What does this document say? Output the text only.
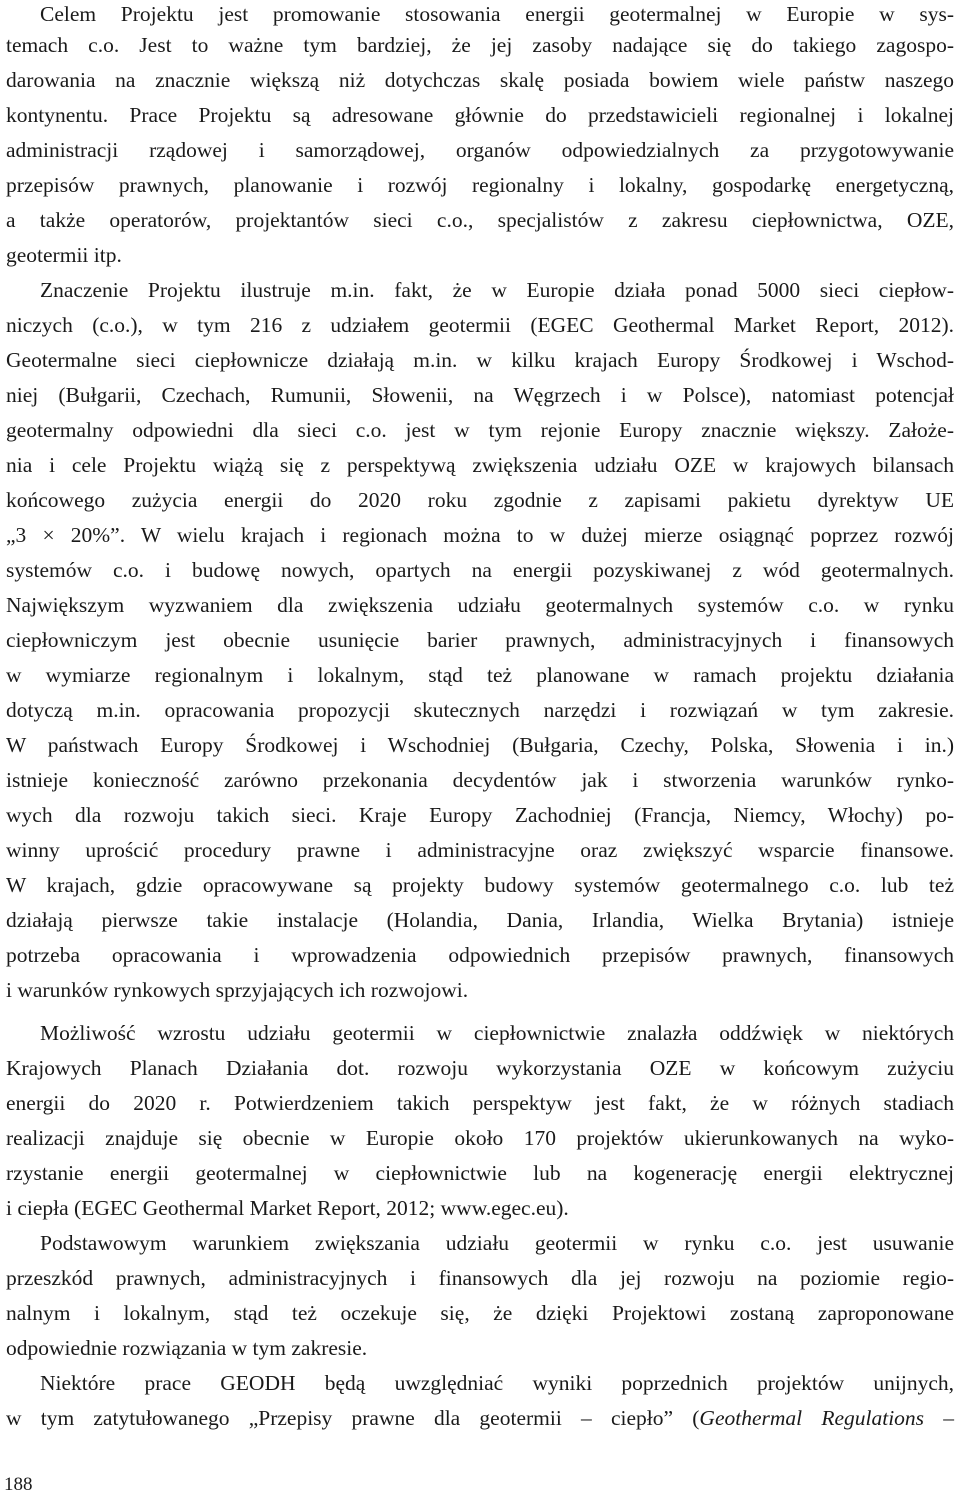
Celem Projektu jest promowanie stosowania energii geotermalnej w Europie w sys-
temach c.o. Jest to ważne tym bardziej, że jej zasoby nadające się do takiego zagospo-
darowania na znacznie większą niż dotychczas skalę posiada bowiem wiele państw naszego
kontynentu. Prace Projektu są adresowane głównie do przedstawicieli regionalnej i lokalnej
administracji rządowej i samorządowej, organów odpowiedzialnych za przygotowywanie
przepisów prawnych, planowanie i rozwój regionalny i lokalny, gospodarkę energetyczną,
a także operatorów, projektantów sieci c.o., specjalistów z zakresu ciepłownictwa, OZE,
geotermii itp.
Znaczenie Projektu ilustruje m.in. fakt, że w Europie działa ponad 5000 sieci ciepłow-
niczych (c.o.), w tym 216 z udziałem geotermii (EGEC Geothermal Market Report, 2012).
Geotermalne sieci ciepłownicze działają m.in. w kilku krajach Europy Środkowej i Wschod-
niej (Bułgarii, Czechach, Rumunii, Słowenii, na Węgrzech i w Polsce), natomiast potencjał
geotermalny odpowiedni dla sieci c.o. jest w tym rejonie Europy znacznie większy. Założe-
nia i cele Projektu wiążą się z perspektywą zwiększenia udziału OZE w krajowych bilansach
końcowego zużycia energii do 2020 roku zgodnie z zapisami pakietu dyrektyw UE
„3 × 20%”. W wielu krajach i regionach można to w dużej mierze osiągnąć poprzez rozwój
systemów c.o. i budowę nowych, opartych na energii pozyskiwanej z wód geotermalnych.
Największym wyzwaniem dla zwiększenia udziału geotermalnych systemów c.o. w rynku
ciepłowniczym jest obecnie usunięcie barier prawnych, administracyjnych i finansowych
w wymiarze regionalnym i lokalnym, stąd też planowane w ramach projektu działania
dotyczą m.in. opracowania propozycji skutecznych narzędzi i rozwiązań w tym zakresie.
W państwach Europy Środkowej i Wschodniej (Bułgaria, Czechy, Polska, Słowenia i in.)
istnieje konieczność zarówno przekonania decydentów jak i stworzenia warunków rynko-
wych dla rozwoju takich sieci. Kraje Europy Zachodniej (Francja, Niemcy, Włochy) po-
winny uprościć procedury prawne i administracyjne oraz zwiększyć wsparcie finansowe.
W krajach, gdzie opracowywane są projekty budowy systemów geotermalnego c.o. lub też
działają pierwsze takie instalacje (Holandia, Dania, Irlandia, Wielka Brytania) istnieje
potrzeba opracowania i wprowadzenia odpowiednich przepisów prawnych, finansowych
i warunków rynkowych sprzyjających ich rozwojowi.
Możliwość wzrostu udziału geotermii w ciepłownictwie znalazła oddźwięk w niektórych
Krajowych Planach Działania dot. rozwoju wykorzystania OZE w końcowym zużyciu
energii do 2020 r. Potwierdzeniem takich perspektyw jest fakt, że w różnych stadiach
realizacji znajduje się obecnie w Europie około 170 projektów ukierunkowanych na wyko-
rzystanie energii geotermalnej w ciepłownictwie lub na kogenerację energii elektrycznej
i ciepła (EGEC Geothermal Market Report, 2012; www.egec.eu).
Podstawowym warunkiem zwiększania udziału geotermii w rynku c.o. jest usuwanie
przeszkód prawnych, administracyjnych i finansowych dla jej rozwoju na poziomie regio-
nalnym i lokalnym, stąd też oczekuje się, że dzięki Projektowi zostaną zaproponowane
odpowiednie rozwiązania w tym zakresie.
Niektóre prace GEODH będą uwzględniać wyniki poprzednich projektów unijnych,
w tym zatytułowanego „Przepisy prawne dla geotermii – ciepło” (Geothermal Regulations –
188
